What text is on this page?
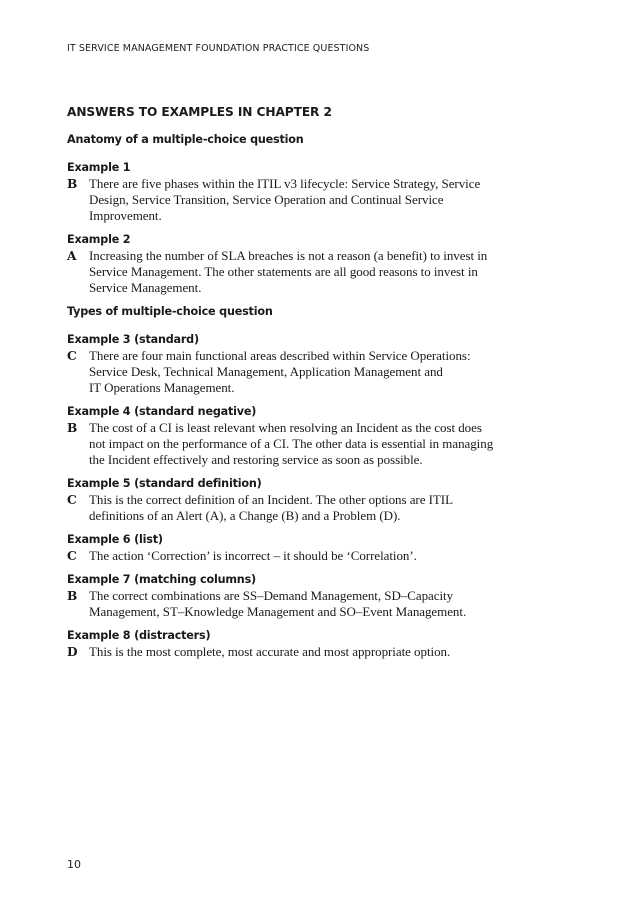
IT SERVICE MANAGEMENT FOUNDATION PRACTICE QUESTIONS
ANSWERS TO EXAMPLES IN CHAPTER 2
Anatomy of a multiple-choice question
Example 1
B There are five phases within the ITIL v3 lifecycle: Service Strategy, Service
Design, Service Transition, Service Operation and Continual Service
Improvement.
Example 2
A Increasing the number of SLA breaches is not a reason (a benefit) to invest in
Service Management. The other statements are all good reasons to invest in
Service Management.
Types of multiple-choice question
Example 3 (standard)
C There are four main functional areas described within Service Operations:
Service Desk, Technical Management, Application Management and
IT Operations Management.
Example 4 (standard negative)
B The cost of a CI is least relevant when resolving an Incident as the cost does
not impact on the performance of a CI. The other data is essential in managing
the Incident effectively and restoring service as soon as possible.
Example 5 (standard definition)
C This is the correct definition of an Incident. The other options are ITIL
definitions of an Alert (A), a Change (B) and a Problem (D).
Example 6 (list)
C The action ‘Correction’ is incorrect – it should be ‘Correlation’.
Example 7 (matching columns)
B The correct combinations are SS–Demand Management, SD–Capacity
Management, ST–Knowledge Management and SO–Event Management.
Example 8 (distracters)
D This is the most complete, most accurate and most appropriate option.
10
